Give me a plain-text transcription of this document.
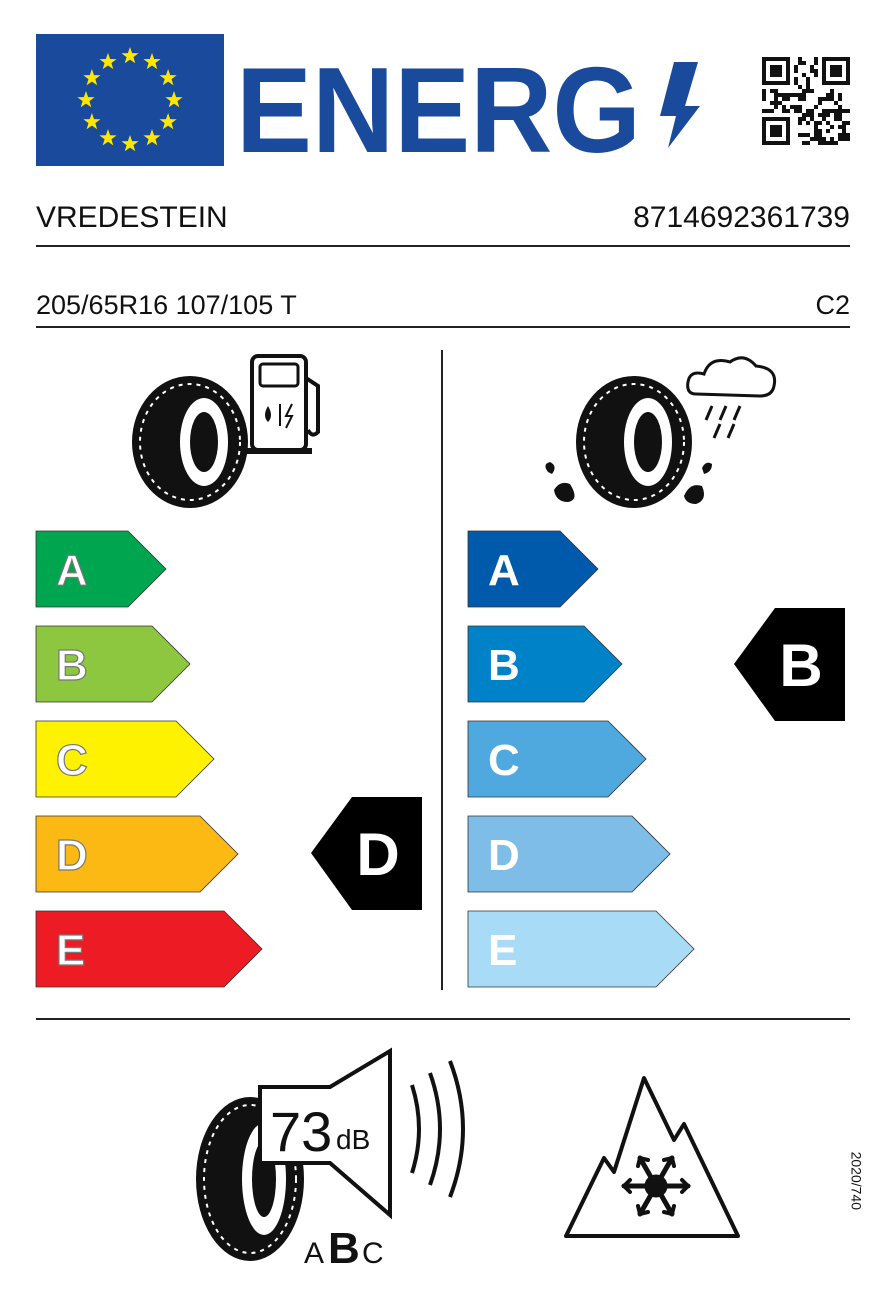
ENERG
VREDESTEIN	8714692361739
205/65R16 107/105 T	C2
A
B
C
D
E
D
A
B
C
D
E
B
73 dB
A B C
2020/740
